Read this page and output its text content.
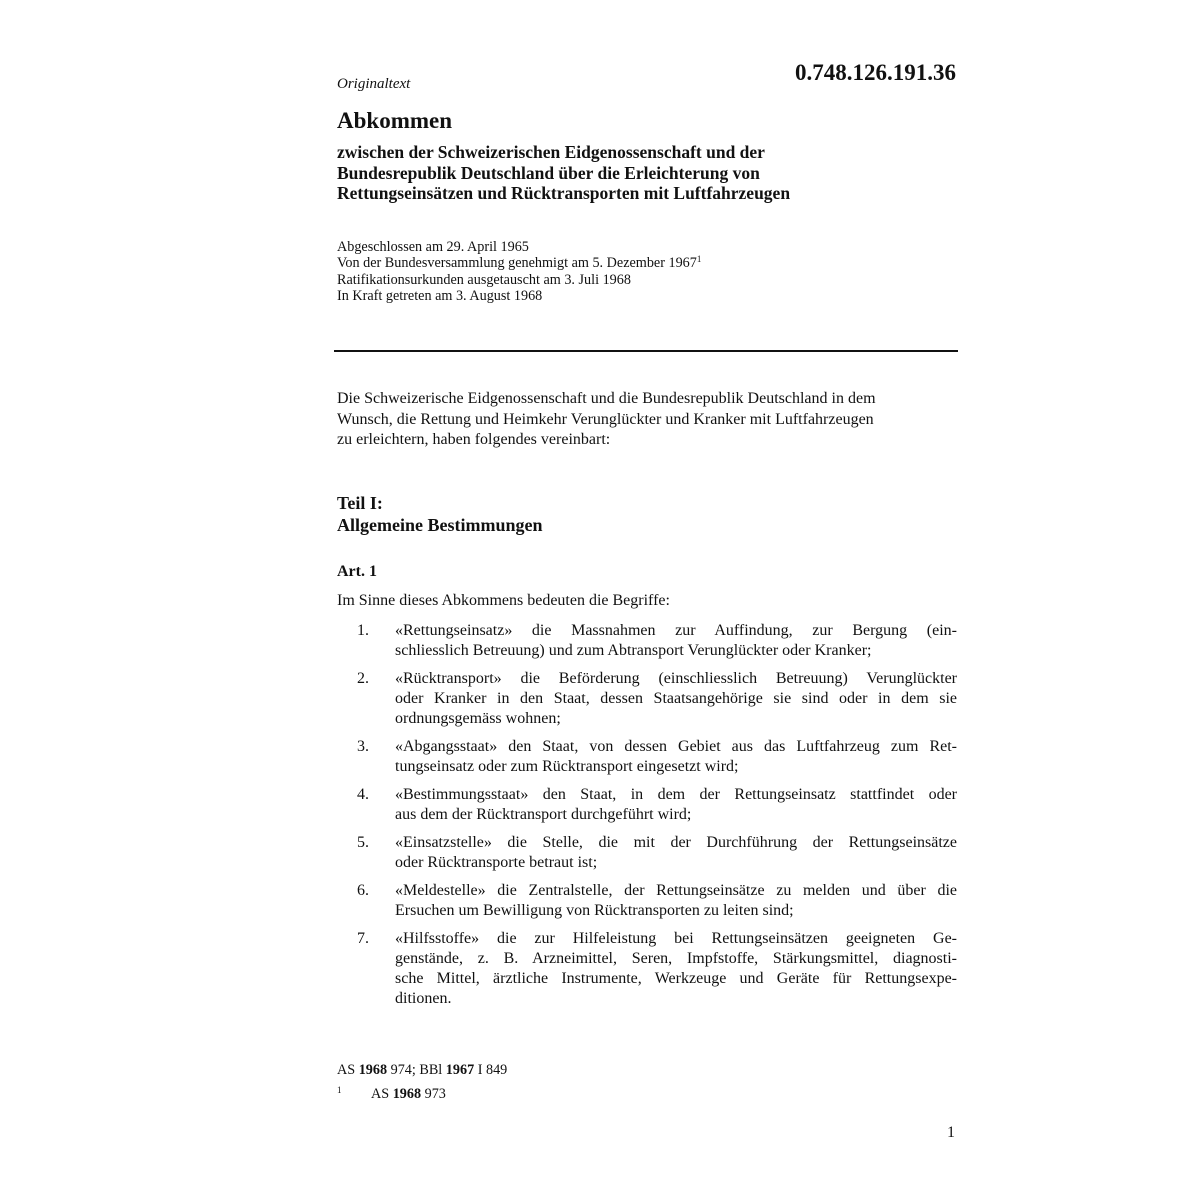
Originaltext	0.748.126.191.36
Abkommen
zwischen der Schweizerischen Eidgenossenschaft und der
Bundesrepublik Deutschland über die Erleichterung von
Rettungseinsätzen und Rücktransporten mit Luftfahrzeugen
Abgeschlossen am 29. April 1965
Von der Bundesversammlung genehmigt am 5. Dezember 1967$^1$
Ratifikationsurkunden ausgetauscht am 3. Juli 1968
In Kraft getreten am 3. August 1968
Die Schweizerische Eidgenossenschaft und die Bundesrepublik Deutschland in dem
Wunsch, die Rettung und Heimkehr Verunglückter und Kranker mit Luftfahrzeugen
zu erleichtern, haben folgendes vereinbart:
Teil I:
Allgemeine Bestimmungen
Art. 1
Im Sinne dieses Abkommens bedeuten die Begriffe:
1. «Rettungseinsatz» die Massnahmen zur Auffindung, zur Bergung (ein-
schliesslich Betreuung) und zum Abtransport Verunglückter oder Kranker;
2. «Rücktransport» die Beförderung (einschliesslich Betreuung) Verunglückter
oder Kranker in den Staat, dessen Staatsangehörige sie sind oder in dem sie
ordnungsgemäss wohnen;
3. «Abgangsstaat» den Staat, von dessen Gebiet aus das Luftfahrzeug zum Ret-
tungseinsatz oder zum Rücktransport eingesetzt wird;
4. «Bestimmungsstaat» den Staat, in dem der Rettungseinsatz stattfindet oder
aus dem der Rücktransport durchgeführt wird;
5. «Einsatzstelle» die Stelle, die mit der Durchführung der Rettungseinsätze
oder Rücktransporte betraut ist;
6. «Meldestelle» die Zentralstelle, der Rettungseinsätze zu melden und über die
Ersuchen um Bewilligung von Rücktransporten zu leiten sind;
7. «Hilfsstoffe» die zur Hilfeleistung bei Rettungseinsätzen geeigneten Ge-
genstände, z. B. Arzneimittel, Seren, Impfstoffe, Stärkungsmittel, diagnosti-
sche Mittel, ärztliche Instrumente, Werkzeuge und Geräte für Rettungsexpe-
ditionen.
AS 1968 974; BBl 1967 I 849
1 AS 1968 973
1
